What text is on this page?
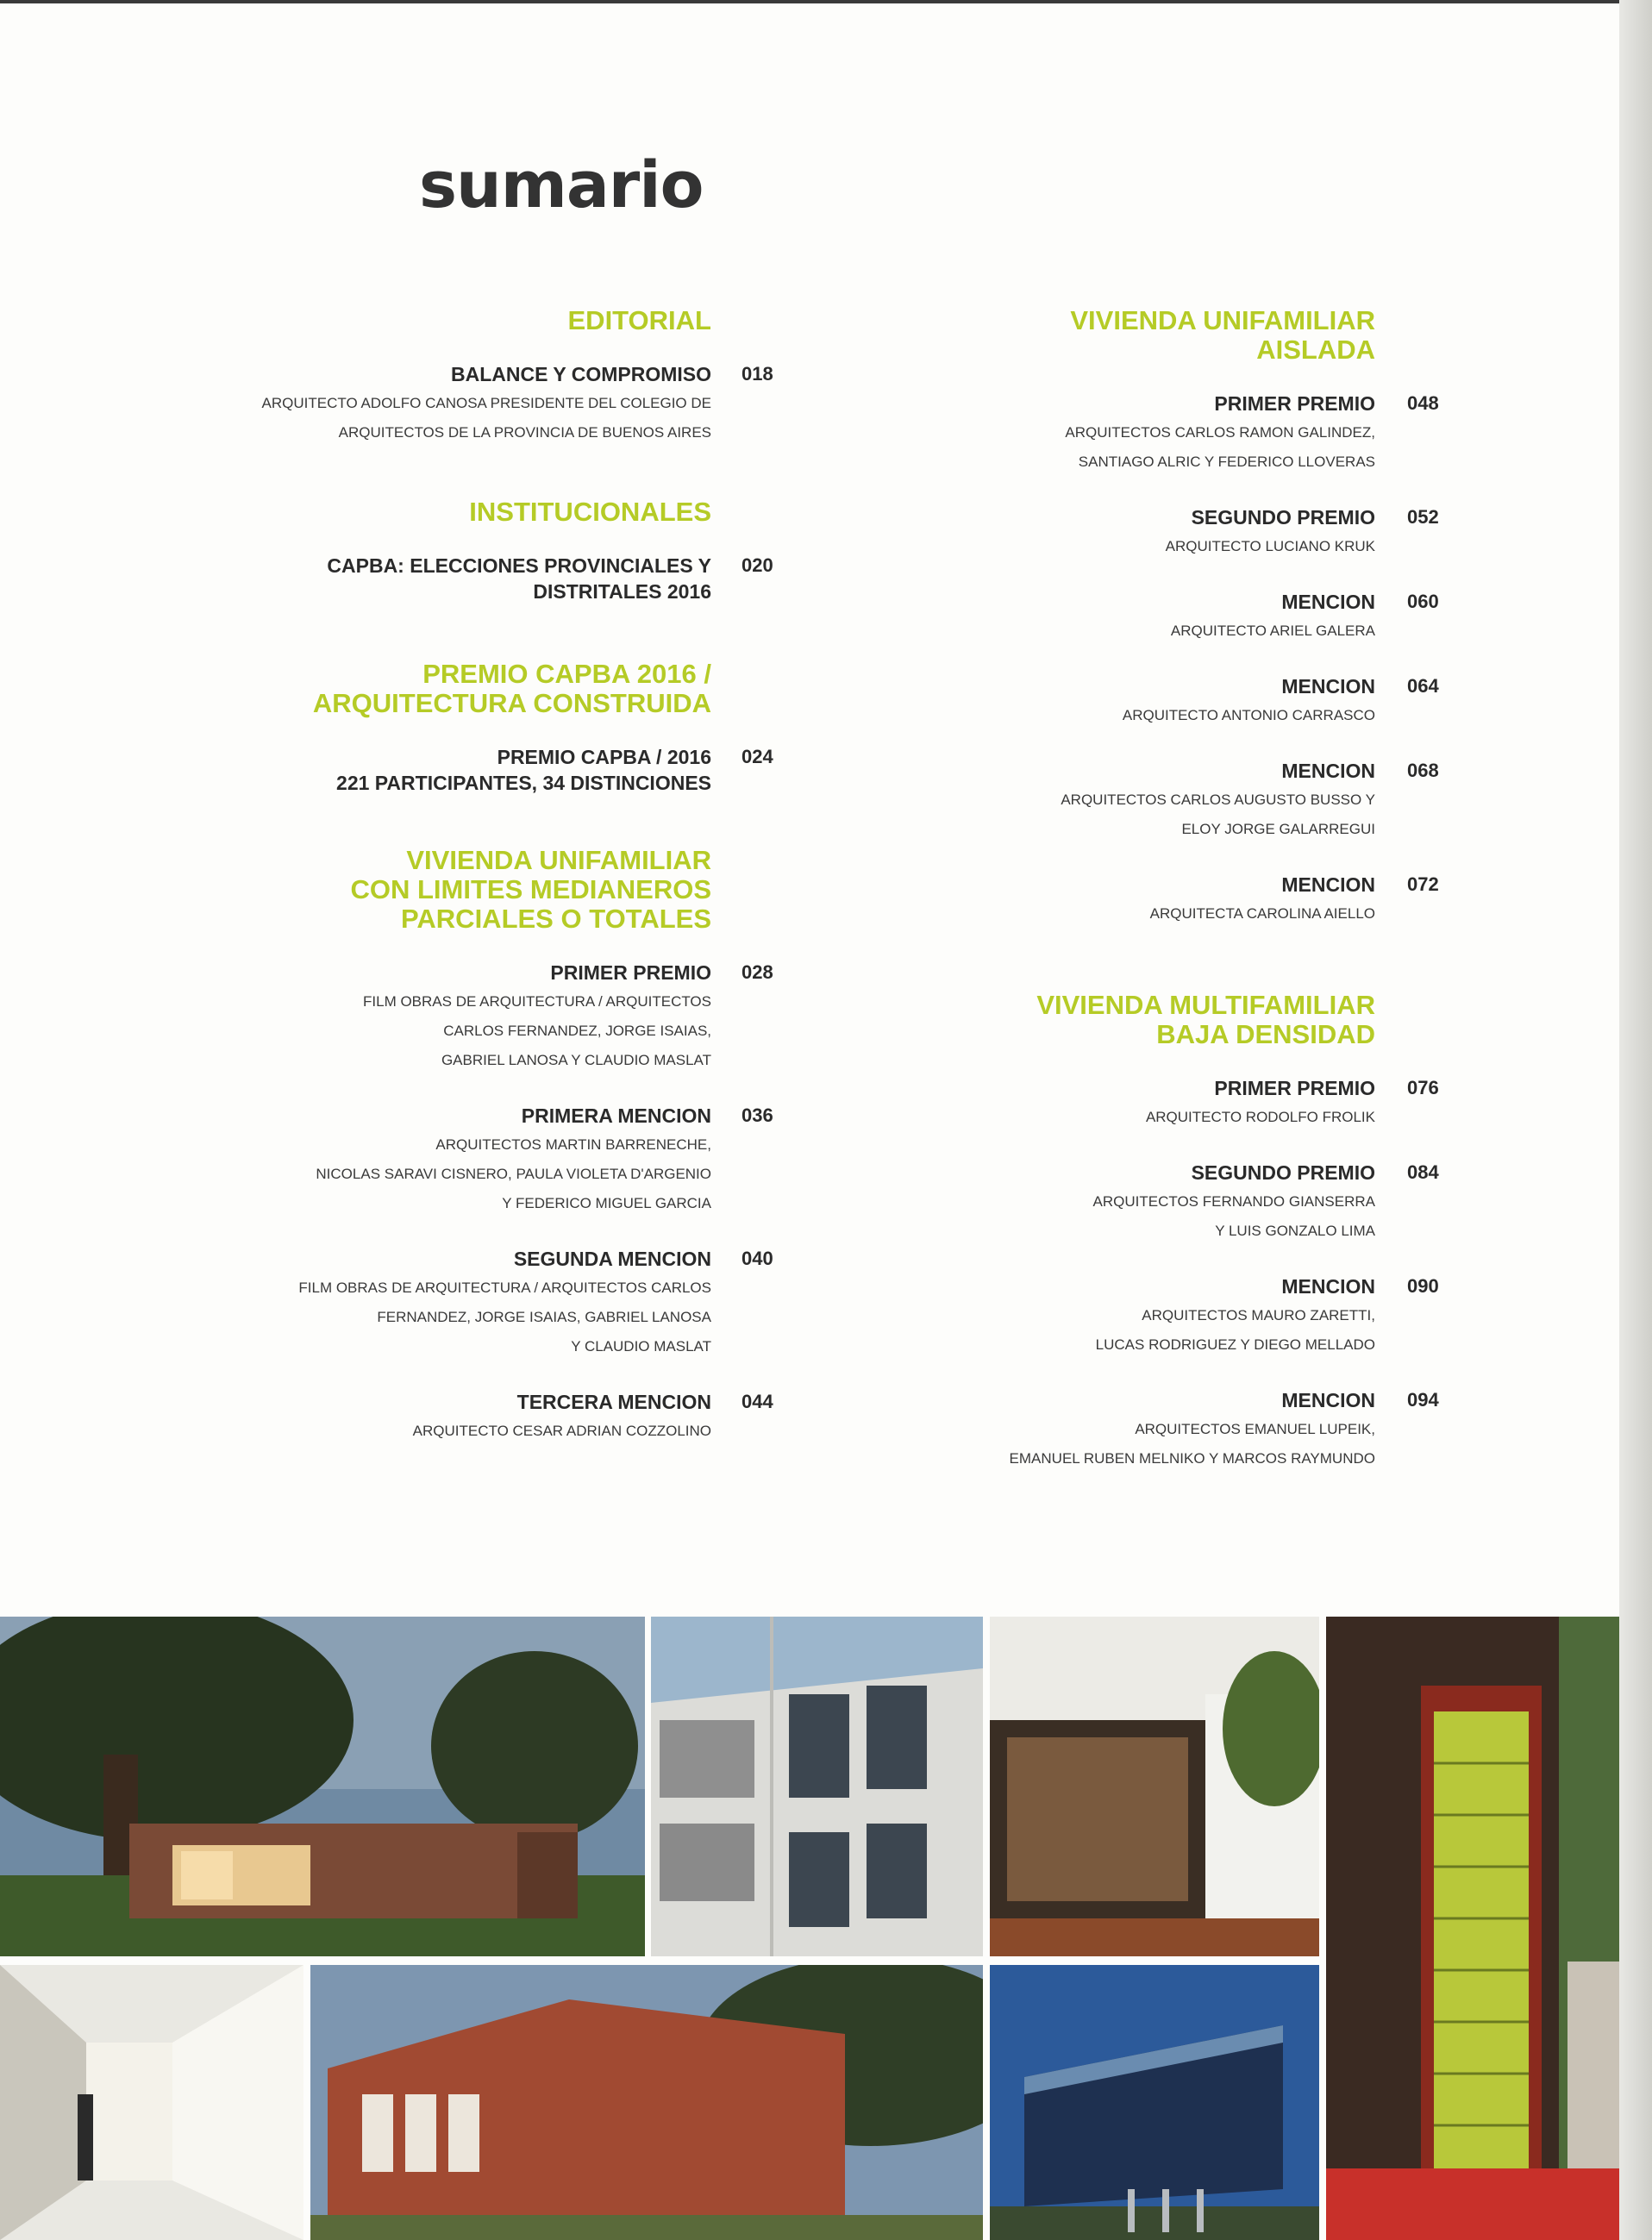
sumario
EDITORIAL
BALANCE Y COMPROMISO 018
ARQUITECTO ADOLFO CANOSA PRESIDENTE DEL COLEGIO DE
ARQUITECTOS DE LA PROVINCIA DE BUENOS AIRES
INSTITUCIONALES
CAPBA: ELECCIONES PROVINCIALES Y
DISTRITALES 2016
020
PREMIO CAPBA 2016 /
ARQUITECTURA CONSTRUIDA
PREMIO CAPBA / 2016
221 PARTICIPANTES, 34 DISTINCIONES
024
VIVIENDA UNIFAMILIAR
CON LIMITES MEDIANEROS
PARCIALES O TOTALES
PRIMER PREMIO 028
FILM OBRAS DE ARQUITECTURA / ARQUITECTOS
CARLOS FERNANDEZ, JORGE ISAIAS,
GABRIEL LANOSA Y CLAUDIO MASLAT
PRIMERA MENCION 036
ARQUITECTOS MARTIN BARRENECHE,
NICOLAS SARAVI CISNERO, PAULA VIOLETA D'ARGENIO
Y FEDERICO MIGUEL GARCIA
SEGUNDA MENCION 040
FILM OBRAS DE ARQUITECTURA / ARQUITECTOS CARLOS
FERNANDEZ, JORGE ISAIAS, GABRIEL LANOSA
Y CLAUDIO MASLAT
TERCERA MENCION 044
ARQUITECTO CESAR ADRIAN COZZOLINO
VIVIENDA UNIFAMILIAR
AISLADA
PRIMER PREMIO 048
ARQUITECTOS CARLOS RAMON GALINDEZ,
SANTIAGO ALRIC Y FEDERICO LLOVERAS
SEGUNDO PREMIO 052
ARQUITECTO LUCIANO KRUK
MENCION 060
ARQUITECTO ARIEL GALERA
MENCION 064
ARQUITECTO ANTONIO CARRASCO
MENCION 068
ARQUITECTOS CARLOS AUGUSTO BUSSO Y
ELOY JORGE GALARREGUI
MENCION 072
ARQUITECTA CAROLINA AIELLO
VIVIENDA MULTIFAMILIAR
BAJA DENSIDAD
PRIMER PREMIO 076
ARQUITECTO RODOLFO FROLIK
SEGUNDO PREMIO 084
ARQUITECTOS FERNANDO GIANSERRA
Y LUIS GONZALO LIMA
MENCION 090
ARQUITECTOS MAURO ZARETTI,
LUCAS RODRIGUEZ Y DIEGO MELLADO
MENCION 094
ARQUITECTOS EMANUEL LUPEIK,
EMANUEL RUBEN MELNIKO Y MARCOS RAYMUNDO
